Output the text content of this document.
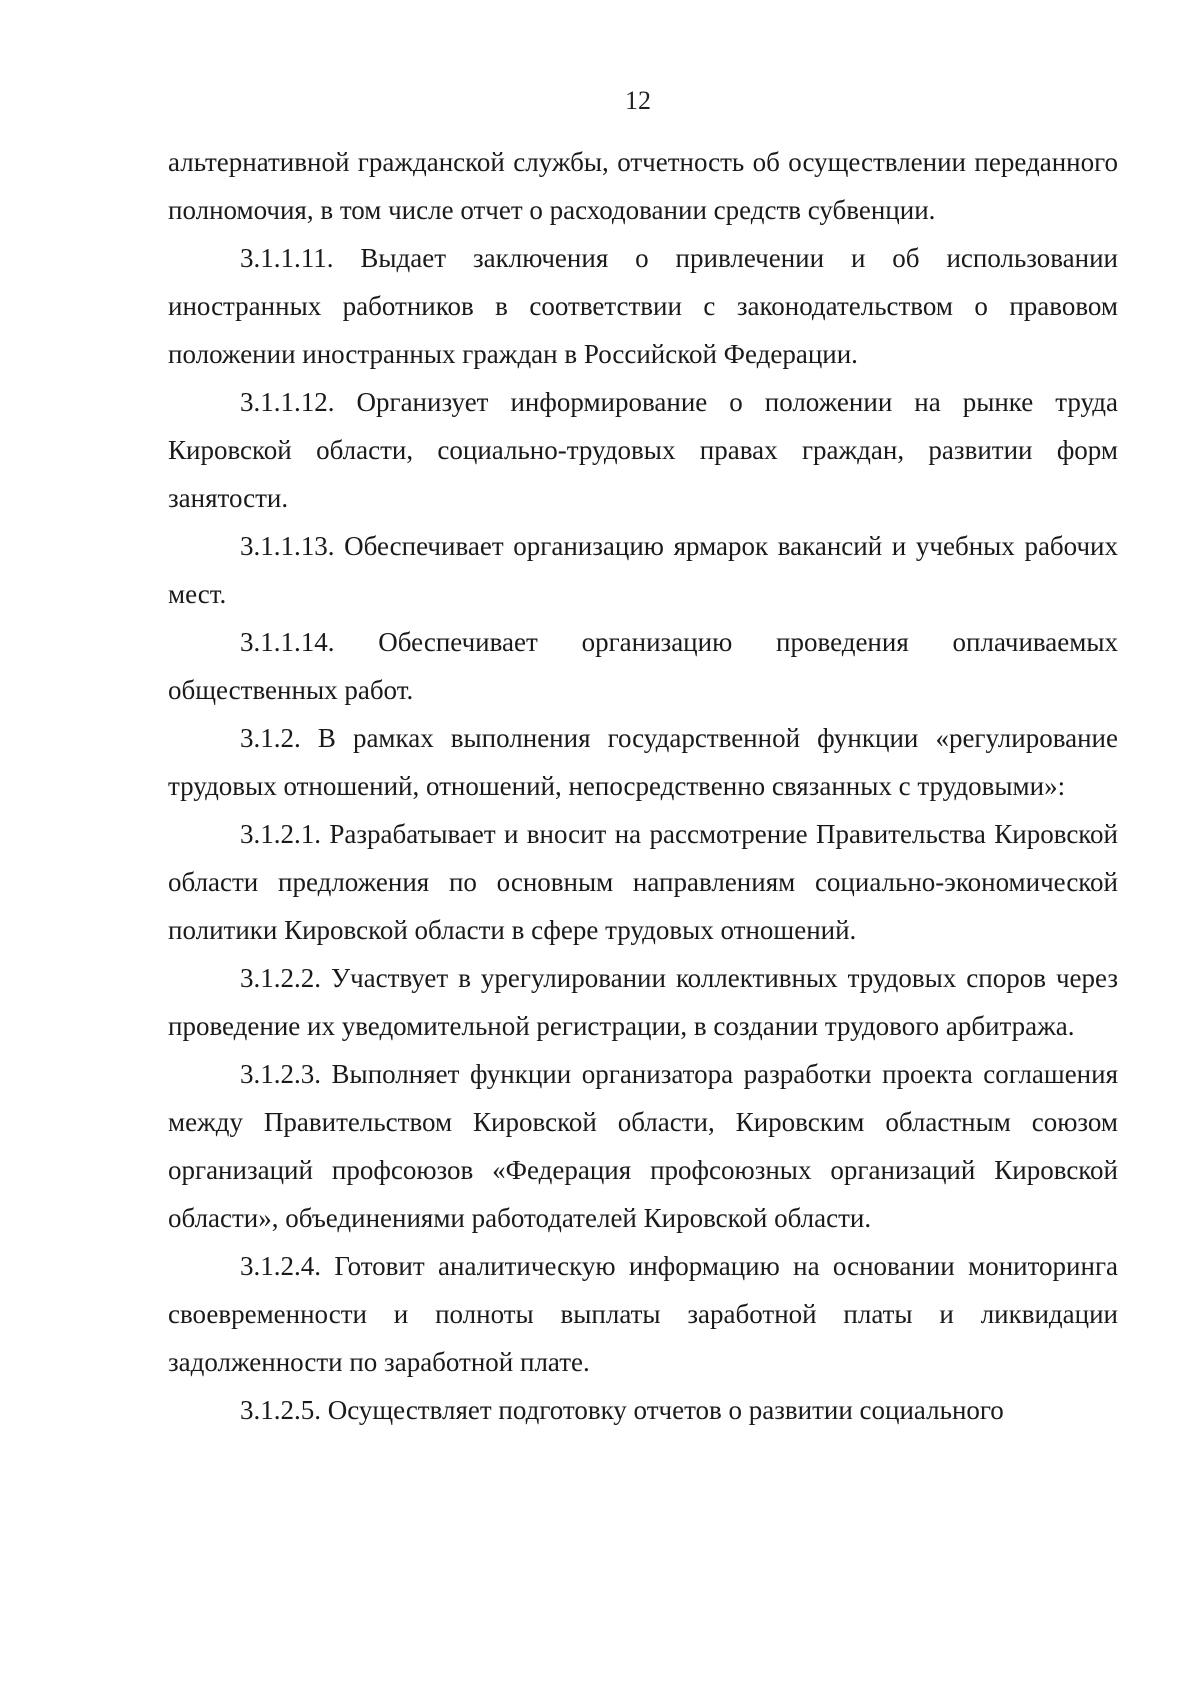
12

альтернативной гражданской службы, отчетность об осуществлении переданного полномочия, в том числе отчет о расходовании средств субвенции.

3.1.1.11. Выдает заключения о привлечении и об использовании иностранных работников в соответствии с законодательством о правовом положении иностранных граждан в Российской Федерации.

3.1.1.12. Организует информирование о положении на рынке труда Кировской области, социально-трудовых правах граждан, развитии форм занятости.

3.1.1.13. Обеспечивает организацию ярмарок вакансий и учебных рабочих мест.

3.1.1.14. Обеспечивает организацию проведения оплачиваемых общественных работ.

3.1.2. В рамках выполнения государственной функции «регулирование трудовых отношений, отношений, непосредственно связанных с трудовыми»:

3.1.2.1. Разрабатывает и вносит на рассмотрение Правительства Кировской области предложения по основным направлениям социально-экономической политики Кировской области в сфере трудовых отношений.

3.1.2.2. Участвует в урегулировании коллективных трудовых споров через проведение их уведомительной регистрации, в создании трудового арбитража.

3.1.2.3. Выполняет функции организатора разработки проекта соглашения между Правительством Кировской области, Кировским областным союзом организаций профсоюзов «Федерация профсоюзных организаций Кировской области», объединениями работодателей Кировской области.

3.1.2.4. Готовит аналитическую информацию на основании мониторинга своевременности и полноты выплаты заработной платы и ликвидации задолженности по заработной плате.

3.1.2.5. Осуществляет подготовку отчетов о развитии социального
